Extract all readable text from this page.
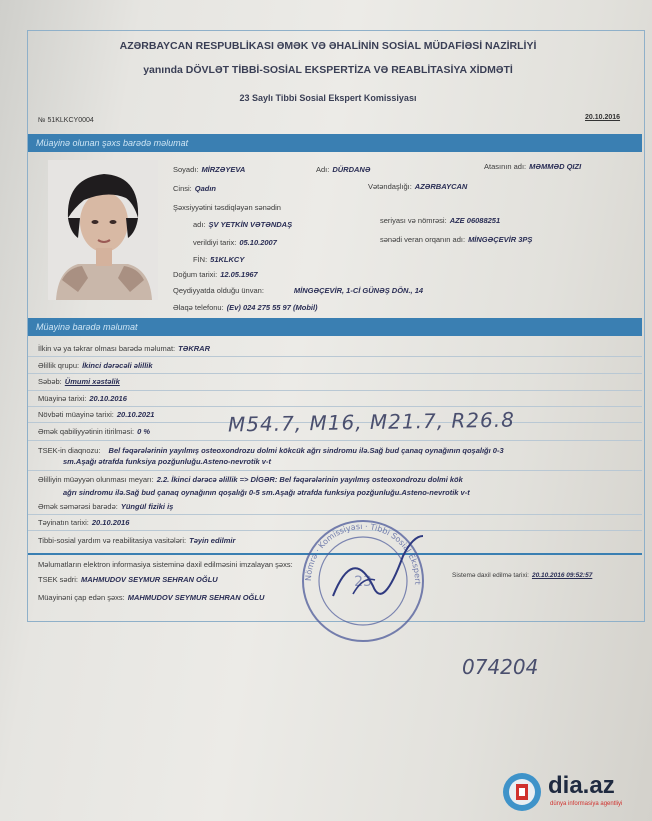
AZƏRBAYCAN RESPUBLİKASI ƏMƏK VƏ ƏHALİNİN SOSİAL MÜDAFİƏSİ NAZİRLİYİ
yanında DÖVLƏT TİBBİ-SOSİAL EKSPERTİZA VƏ REABLİTASİYA XİDMƏTİ
23 Saylı Tibbi Sosial Ekspert Komissiyası
№ 51KLKCY0004	20.10.2016
Müayinə olunan şəxs barədə məlumat
Soyadı: MİRZƏYEVA	Adı: DÜRDANƏ	Atasının adı: MƏMMƏD QIZI
Cinsi: Qadın	Vətəndaşlığı: AZƏRBAYCAN
Şəxsiyyətini təsdiqləyən sənədin
adı: ŞV YETKİN VƏTƏNDAŞ	seriyası və nömrəsi: AZE 06088251
verildiyi tarix: 05.10.2007	sənədi veran orqanın adı: MİNGƏÇEVİR 3PŞ
FİN: 51KLKCY
Doğum tarixi: 12.05.1967
Qeydiyyatda olduğu ünvan:	MİNGƏÇEVİR, 1-Cİ GÜNƏŞ DÖN., 14
Əlaqə telefonu: (Ev) 024 275 55 97 (Mobil)
Müayinə barədə məlumat
İlkin və ya təkrar olması barədə məlumat: TƏKRAR
Əlillik qrupu: İkinci dərəcəli əlillik
Səbəb: Ümumi xəstəlik
Müayinə tarixi: 20.10.2016
Növbəti müayinə tarixi: 20.10.2021
Əmək qabiliyyətinin itirilməsi: 0 %
TSEK-in diaqnozu: Bel fəqərələrinin yayılmış osteoxondrozu dolmi kökcük ağrı sindromu ilə.Sağ bud çanaq oynağının qoşalığı 0-3
sm.Aşağı ətrafda funksiya pozğunluğu.Asteno-nevrotik v-t
Əlilliyin müəyyən olunması meyarı: 2.2. İkinci dərəcə əlillik => DİGƏR: Bel fəqərələrinin yayılmış osteoxondrozu dolmi kök
ağrı sindromu ilə.Sağ bud çanaq oynağının qoşalığı 0-5 sm.Aşağı ətrafda funksiya pozğunluğu.Asteno-nevrotik v-t
Əmək səmərəsi barədə: Yüngül fiziki iş
Təyinatın tarixi: 20.10.2016
Tibbi-sosial yardım və reabilitasiya vasitələri: Təyin edilmir
Məlumatların elektron informasiya sisteminə daxil edilməsini imzalayan şəxs:
TSEK sədri: MAHMUDOV SEYMUR SEHRAN OĞLU	Sistemə daxil edilmə tarixi: 20.10.2016 09:52:57
Müayinəni çap edən şəxs: MAHMUDOV SEYMUR SEHRAN OĞLU
M54.7, M16, M21.7, R26.8
Nömrə · Komissiyası · Tibbi Sosial Ekspert
23
074204
dia.az
dünya informasiya agentliyi
